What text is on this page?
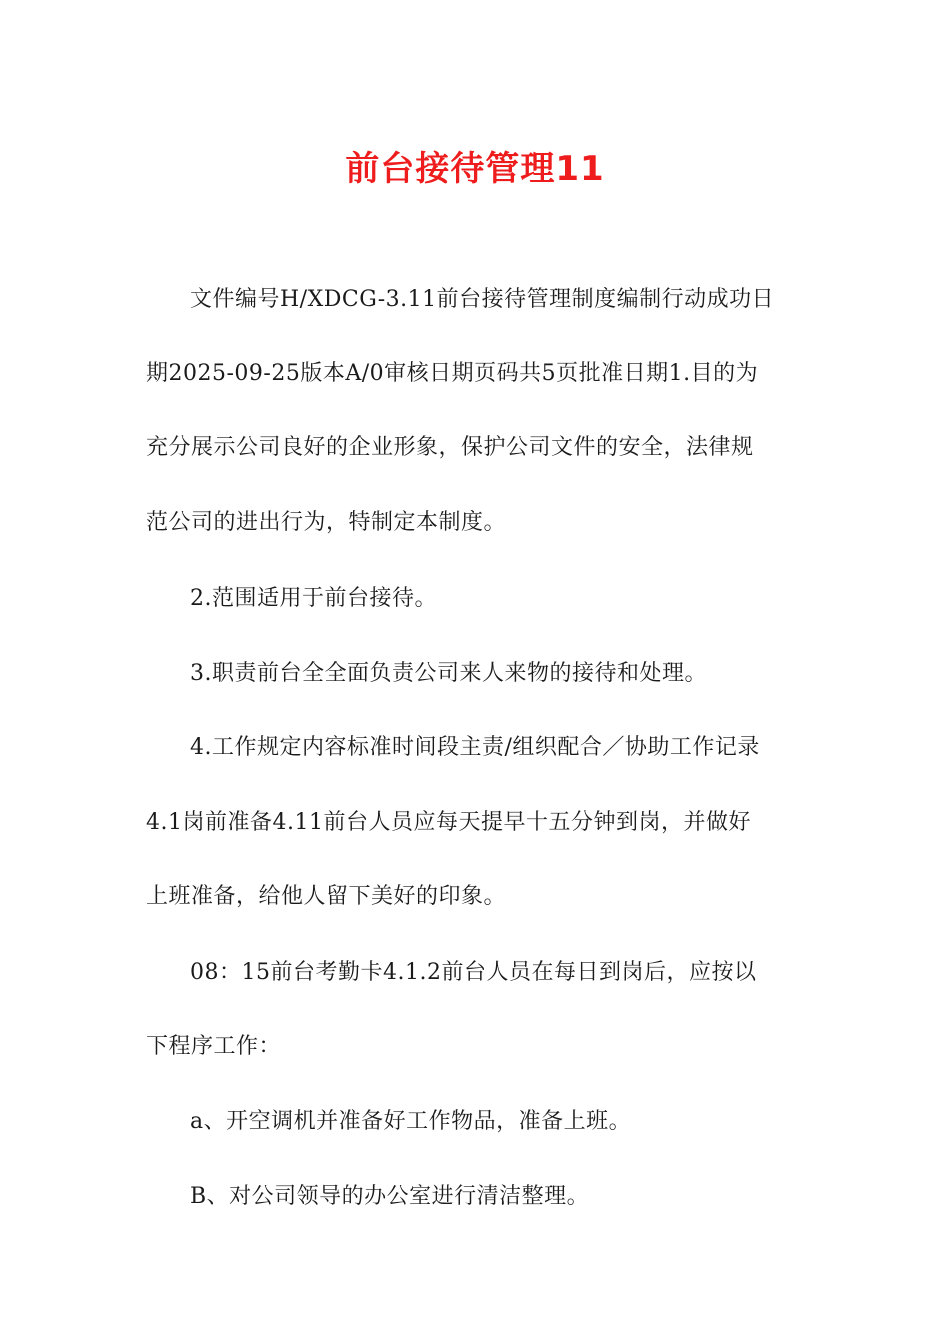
前台接待管理11
文件编号H/XDCG-3.11前台接待管理制度编制行动成功日
期2025-09-25版本A/0审核日期页码共5页批准日期1.目的为
充分展示公司良好的企业形象，保护公司文件的安全，法律规
范公司的进出行为，特制定本制度。
2.范围适用于前台接待。
3.职责前台全全面负责公司来人来物的接待和处理。
4.工作规定内容标准时间段主责/组织配合／协助工作记录
4.1岗前准备4.11前台人员应每天提早十五分钟到岗，并做好
上班准备，给他人留下美好的印象。
08：15前台考勤卡4.1.2前台人员在每日到岗后，应按以
下程序工作：
a、开空调机并准备好工作物品，准备上班。
B、对公司领导的办公室进行清洁整理。
